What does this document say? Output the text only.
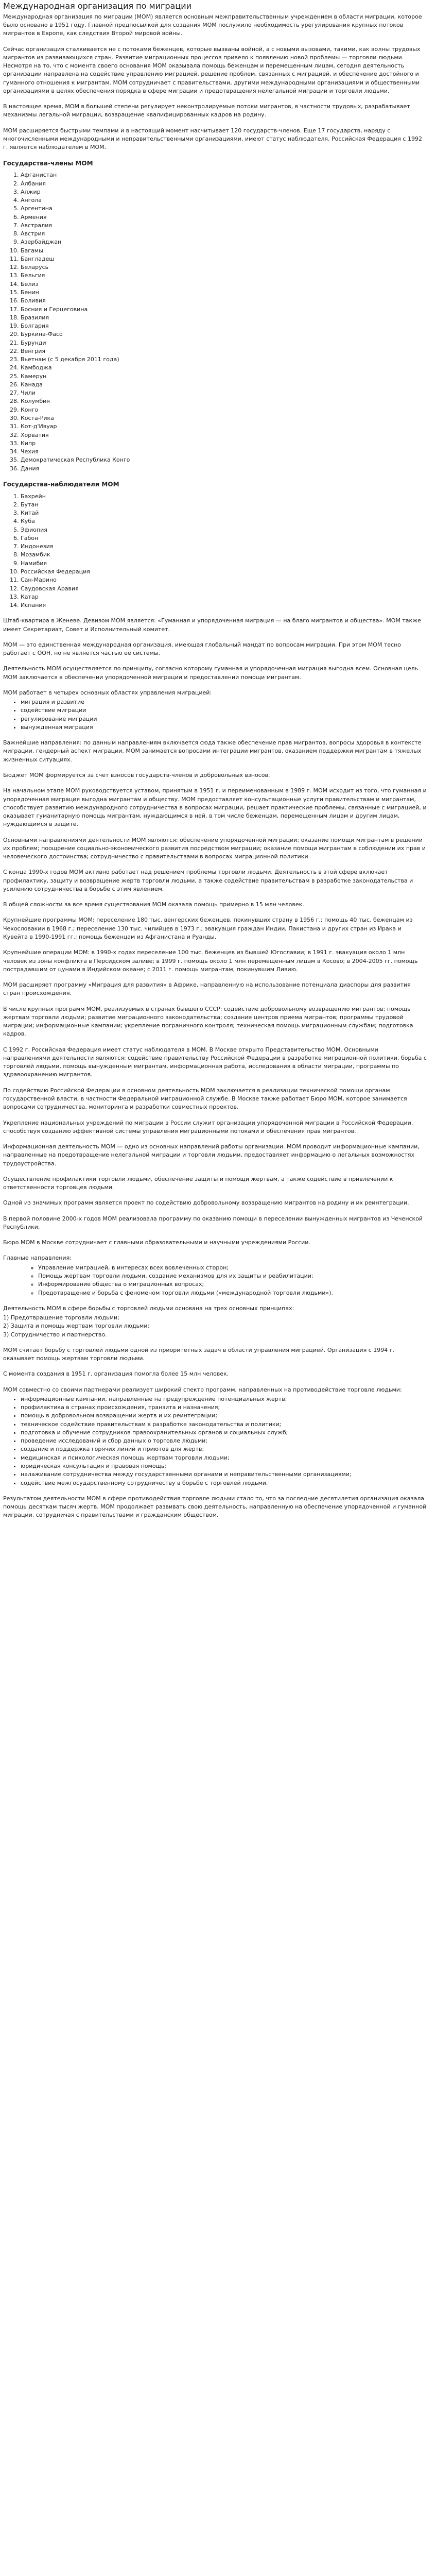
Международная организация по миграции

Международная организация по миграции (МОМ) является основным межправительственным учреждением в области миграции, которое было основано в 1951 году. Главной предпосылкой для создания МОМ послужило необходимость урегулирования крупных потоков мигрантов в Европе, как следствия Второй мировой войны.

Сейчас организация сталкивается не с потоками беженцев, которые вызваны войной, а с новыми вызовами, такими, как волны трудовых мигрантов из развивающихся стран. Развитие миграционных процессов привело к появлению новой проблемы — торговли людьми. Несмотря на то, что с момента своего основания МОМ оказывала помощь беженцам и перемещенным лицам, сегодня деятельность организации направлена на содействие управлению миграцией, решение проблем, связанных с миграцией, и обеспечение достойного и гуманного отношения к мигрантам. МОМ сотрудничает с правительствами, другими международными организациями и общественными организациями в целях обеспечения порядка в сфере миграции и предотвращения нелегальной миграции и торговли людьми.

В настоящее время, МОМ в большей степени регулирует неконтролируемые потоки мигрантов, в частности трудовых, разрабатывает механизмы легальной миграции, возвращение квалифицированных кадров на родину.

МОМ расширяется быстрыми темпами и в настоящий момент насчитывает 120 государств-членов. Еще 17 государств, наряду с многочисленными международными и неправительственными организациями, имеют статус наблюдателя. Российская Федерация с 1992 г. является наблюдателем в МОМ.

Государства-члены МОМ
1. Афганистан
2. Албания
3. Алжир
4. Ангола
5. Аргентина
6. Армения
7. Австралия
8. Австрия
9. Азербайджан
10. Багамы
11. Бангладеш
12. Беларусь
13. Бельгия
14. Белиз
15. Бенин
16. Боливия
17. Босния и Герцеговина
18. Бразилия
19. Болгария
20. Буркина-Фасо
21. Бурунди
22. Венгрия
23. Вьетнам (с 5 декабря 2011 года)
24. Камбоджа
25. Камерун
26. Канада
27. Чили
28. Колумбия
29. Конго
30. Коста-Рика
31. Кот-д'Ивуар
32. Хорватия
33. Кипр
34. Чехия
35. Демократическая Республика Конго
36. Дания
Государства-наблюдатели МОМ
1. Бахрейн
2. Бутан
3. Китай
4. Куба
5. Эфиопия
6. Габон
7. Индонезия
8. Мозамбик
9. Намибия
10. Российская Федерация
11. Сан-Марино
12. Саудовская Аравия
13. Катар
14. Испания

Штаб-квартира в Женеве. Девизом МОМ является: «Гуманная и упорядоченная миграция — на благо мигрантов и общества». МОМ также имеет Секретариат, Совет и Исполнительный комитет.

МОМ — это единственная международная организация, имеющая глобальный мандат по вопросам миграции. При этом МОМ тесно работает с ООН, но не является частью ее системы.

Деятельность МОМ осуществляется по принципу, согласно которому гуманная и упорядоченная миграция выгодна всем. Основная цель МОМ заключается в обеспечении упорядоченной миграции и предоставлении помощи мигрантам.

МОМ работает в четырех основных областях управления миграцией:

• миграция и развитие
• содействие миграции
• регулирование миграции
• вынужденная миграция

Важнейшие направления: по данным направлениям включается сюда также обеспечение прав мигрантов, вопросы здоровья в контексте миграции, гендерный аспект миграции. МОМ занимается вопросами интеграции мигрантов, оказанием поддержки мигрантам в тяжелых жизненных ситуациях.

Бюджет МОМ формируется за счет взносов государств-членов и добровольных взносов.

На начальном этапе МОМ руководствуется уставом, принятым в 1951 г. и переименованным в 1989 г. МОМ исходит из того, что гуманная и упорядоченная миграция выгодна мигрантам и обществу. МОМ предоставляет консультационные услуги правительствам и мигрантам, способствует развитию международного сотрудничества в вопросах миграции, решает практические проблемы, связанные с миграцией, и оказывает гуманитарную помощь мигрантам, нуждающимся в ней, в том числе беженцам, перемещенным лицам и другим лицам, нуждающимся в защите.

Основными направлениями деятельности МОМ являются: обеспечение упорядоченной миграции; оказание помощи мигрантам в решении их проблем; поощрение социально-экономического развития посредством миграции; оказание помощи мигрантам в соблюдении их прав и человеческого достоинства; сотрудничество с правительствами в вопросах миграционной политики.

С конца 1990-х годов МОМ активно работает над решением проблемы торговли людьми. Деятельность в этой сфере включает профилактику, защиту и возвращение жертв торговли людьми, а также содействие правительствам в разработке законодательства и усилению сотрудничества в борьбе с этим явлением.

В общей сложности за все время существования МОМ оказала помощь примерно в 15 млн человек.

Крупнейшие программы МОМ: переселение 180 тыс. венгерских беженцев, покинувших страну в 1956 г.; помощь 40 тыс. беженцам из Чехословакии в 1968 г.; переселение 130 тыс. чилийцев в 1973 г.; эвакуация граждан Индии, Пакистана и других стран из Ирака и Кувейта в 1990-1991 гг.; помощь беженцам из Афганистана и Руанды.

Крупнейшие операции МОМ: в 1990-х годах переселение 100 тыс. беженцев из бывшей Югославии; в 1991 г. эвакуация около 1 млн человек из зоны конфликта в Персидском заливе; в 1999 г. помощь около 1 млн перемещенным лицам в Косово; в 2004-2005 гг. помощь пострадавшим от цунами в Индийском океане; с 2011 г. помощь мигрантам, покинувшим Ливию.

МОМ расширяет программу «Миграция для развития» в Африке, направленную на использование потенциала диаспоры для развития стран происхождения.

В числе крупных программ МОМ, реализуемых в странах бывшего СССР: содействие добровольному возвращению мигрантов; помощь жертвам торговли людьми; развитие миграционного законодательства; создание центров приема мигрантов; программы трудовой миграции; информационные кампании; укрепление пограничного контроля; техническая помощь миграционным службам; подготовка кадров.

С 1992 г. Российская Федерация имеет статус наблюдателя в МОМ. В Москве открыто Представительство МОМ. Основными направлениями деятельности являются: содействие правительству Российской Федерации в разработке миграционной политики, борьба с торговлей людьми, помощь вынужденным мигрантам, информационная работа, исследования в области миграции, программы по здравоохранению мигрантов.

По содействию Российской Федерации в основном деятельность МОМ заключается в реализации технической помощи органам государственной власти, в частности Федеральной миграционной службе. В Москве также работает Бюро МОМ, которое занимается вопросами сотрудничества, мониторинга и разработки совместных проектов.

Укрепление национальных учреждений по миграции в России служит организации упорядоченной миграции в Российской Федерации, способствуя созданию эффективной системы управления миграционными потоками и обеспечения прав мигрантов.

Информационная деятельность МОМ — одно из основных направлений работы организации. МОМ проводит информационные кампании, направленные на предотвращение нелегальной миграции и торговли людьми, предоставляет информацию о легальных возможностях трудоустройства.

Осуществление профилактики торговли людьми, обеспечение защиты и помощи жертвам, а также содействие в привлечении к ответственности торговцев людьми.

Одной из значимых программ является проект по содействию добровольному возвращению мигрантов на родину и их реинтеграции.

В первой половине 2000-х годов МОМ реализовала программу по оказанию помощи в переселении вынужденных мигрантов из Чеченской Республики.

Бюро МОМ в Москве сотрудничает с главными образовательными и научными учреждениями России.

Главные направления:

◦ Управление миграцией, в интересах всех вовлеченных сторон;
◦ Помощь жертвам торговли людьми, создание механизмов для их защиты и реабилитации;
◦ Информирование общества о миграционных вопросах;
◦ Предотвращение и борьба с феноменом торговли людьми («международной торговли людьми»).

Деятельность МОМ в сфере борьбы с торговлей людьми основана на трех основных принципах:

1) Предотвращение торговли людьми;
2) Защита и помощь жертвам торговли людьми;
3) Сотрудничество и партнерство.

МОМ считает борьбу с торговлей людьми одной из приоритетных задач в области управления миграцией. Организация с 1994 г. оказывает помощь жертвам торговли людьми.

С момента создания в 1951 г. организация помогла более 15 млн человек.

МОМ совместно со своими партнерами реализует широкий спектр программ, направленных на противодействие торговле людьми:

• информационные кампании, направленные на предупреждение потенциальных жертв;
• профилактика в странах происхождения, транзита и назначения;
• помощь в добровольном возвращении жертв и их реинтеграции;
• техническое содействие правительствам в разработке законодательства и политики;
• подготовка и обучение сотрудников правоохранительных органов и социальных служб;
• проведение исследований и сбор данных о торговле людьми;
• создание и поддержка горячих линий и приютов для жертв;
• медицинская и психологическая помощь жертвам торговли людьми;
• юридическая консультация и правовая помощь;
• налаживание сотрудничества между государственными органами и неправительственными организациями;
• содействие межгосударственному сотрудничеству в борьбе с торговлей людьми.

Результатом деятельности МОМ в сфере противодействия торговле людьми стало то, что за последние десятилетия организация оказала помощь десяткам тысяч жертв. МОМ продолжает развивать свою деятельность, направленную на обеспечение упорядоченной и гуманной миграции, сотрудничая с правительствами и гражданским обществом.
